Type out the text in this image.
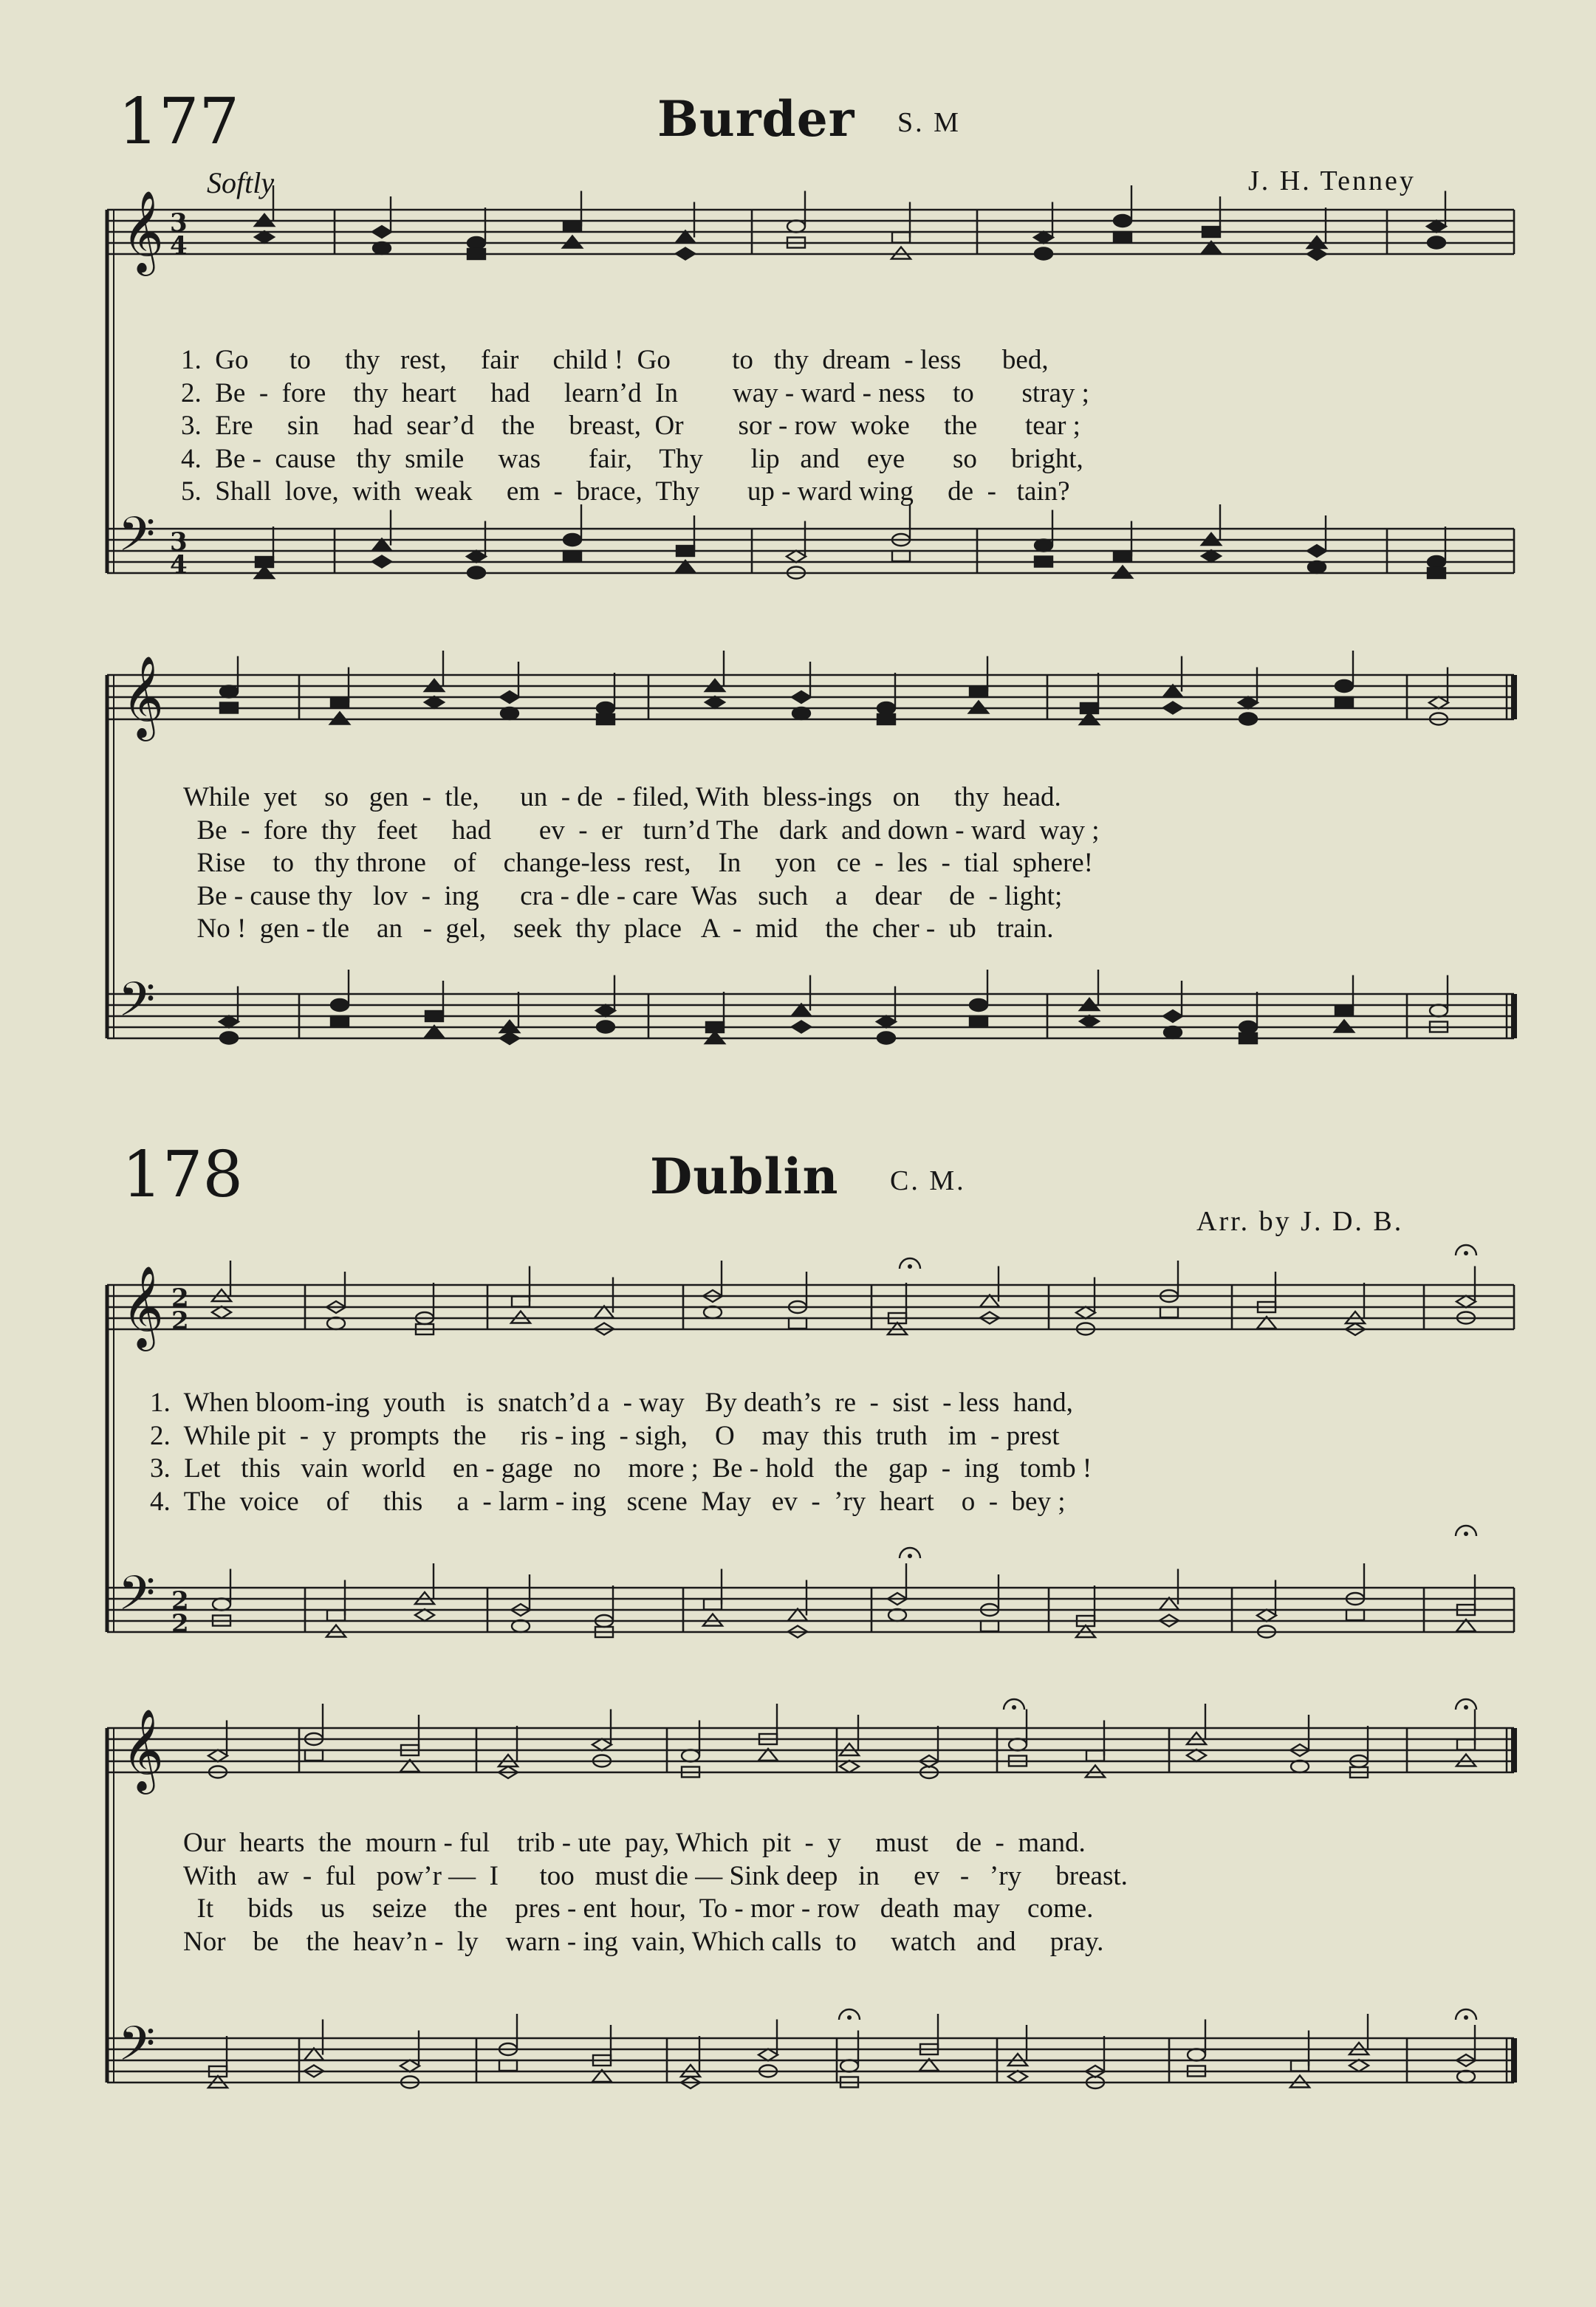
177	Burder S. M
Softly	J. H. Tenney
1.  Go      to     thy   rest,     fair     child !  Go         to   thy  dream  - less      bed,
2.  Be  -  fore    thy  heart     had     learn’d  In        way - ward - ness    to       stray ;
3.  Ere     sin     had  sear’d    the     breast,  Or        sor - row  woke     the       tear ;
4.  Be -  cause   thy  smile     was       fair,    Thy       lip   and    eye       so     bright,
5.  Shall  love,  with  weak     em  -  brace,  Thy       up - ward wing     de  -   tain?
While  yet    so   gen  -  tle,      un  - de  - filed, With  bless-ings   on     thy  head.
Be  -  fore  thy   feet     had       ev  -  er   turn’d The   dark  and down - ward  way ;
Rise    to   thy throne    of    change-less  rest,    In     yon   ce  -  les  -  tial  sphere!
Be - cause thy   lov  -  ing      cra - dle - care  Was   such    a    dear    de  - light;
No !  gen - tle    an   -  gel,    seek  thy  place   A  -  mid    the  cher -  ub   train.
178	Dublin C. M.
Arr. by J. D. B.
1.  When bloom-ing  youth   is  snatch’d a  - way   By death’s  re  -  sist  - less  hand,
2.  While pit  -  y  prompts  the     ris - ing  - sigh,    O    may  this  truth   im  - prest
3.  Let   this   vain  world    en - gage   no    more ;  Be - hold   the   gap  -  ing   tomb !
4.  The  voice    of     this     a  - larm - ing   scene  May   ev  -  ’ry  heart    o  -  bey ;
Our  hearts  the  mourn - ful    trib - ute  pay, Which  pit  -  y     must    de  -  mand.
With   aw  -  ful   pow’r —  I      too   must die — Sink deep   in     ev   -   ’ry     breast.
It     bids    us    seize    the    pres - ent  hour,  To - mor - row   death  may    come.
Nor    be    the  heav’n -  ly    warn - ing  vain, Which calls  to     watch   and     pray.
𝄞
𝄢
3
4
3
4
𝄞
𝄢
𝄞
𝄢
2
2
2
2
𝄞
𝄢
